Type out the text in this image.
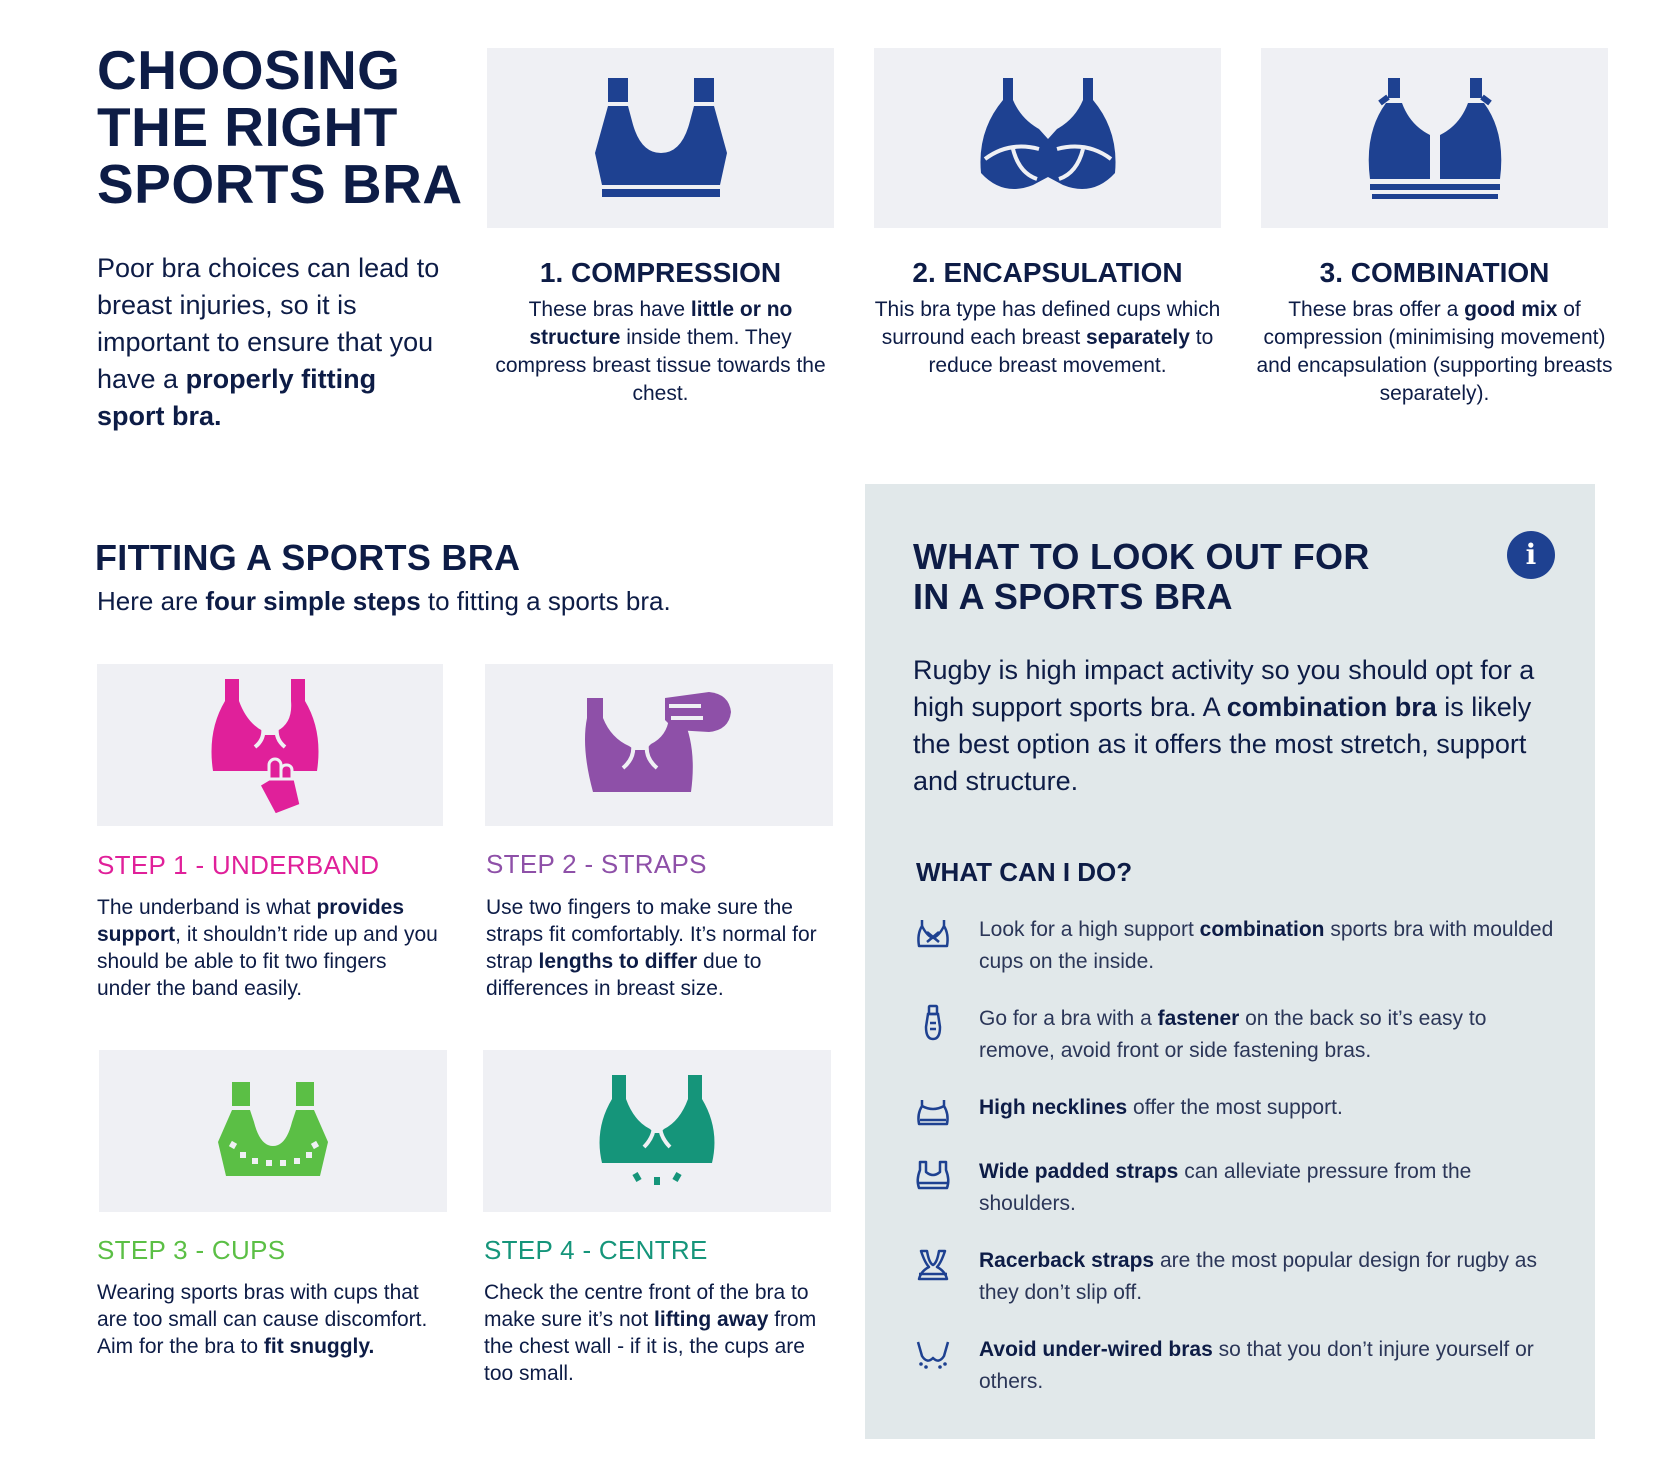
CHOOSING
THE RIGHT
SPORTS BRA

Poor bra choices can lead to breast injuries, so it is important to ensure that you have a properly fitting sport bra.

1. COMPRESSION

These bras have little or no structure inside them. They compress breast tissue towards the chest.

2. ENCAPSULATION

This bra type has defined cups which surround each breast separately to reduce breast movement.

3. COMBINATION

These bras offer a good mix of compression (minimising movement) and encapsulation (supporting breasts separately).

FITTING A SPORTS BRA

Here are four simple steps to fitting a sports bra.

STEP 1 - UNDERBAND

The underband is what provides support, it shouldn’t ride up and you should be able to fit two fingers under the band easily.

STEP 2 - STRAPS

Use two fingers to make sure the straps fit comfortably. It’s normal for strap lengths to differ due to differences in breast size.

STEP 3 - CUPS

Wearing sports bras with cups that are too small can cause discomfort. Aim for the bra to fit snuggly.

STEP 4 - CENTRE

Check the centre front of the bra to make sure it’s not lifting away from the chest wall - if it is, the cups are too small.

WHAT TO LOOK OUT FOR
IN A SPORTS BRA
i

Rugby is high impact activity so you should opt for a high support sports bra. A combination bra is likely the best option as it offers the most stretch, support and structure.

WHAT CAN I DO?

Look for a high support combination sports bra with moulded cups on the inside.

Go for a bra with a fastener on the back so it’s easy to remove, avoid front or side fastening bras.

High necklines offer the most support.

Wide padded straps can alleviate pressure from the shoulders.

Racerback straps are the most popular design for rugby as they don’t slip off.

Avoid under-wired bras so that you don’t injure yourself or others.
